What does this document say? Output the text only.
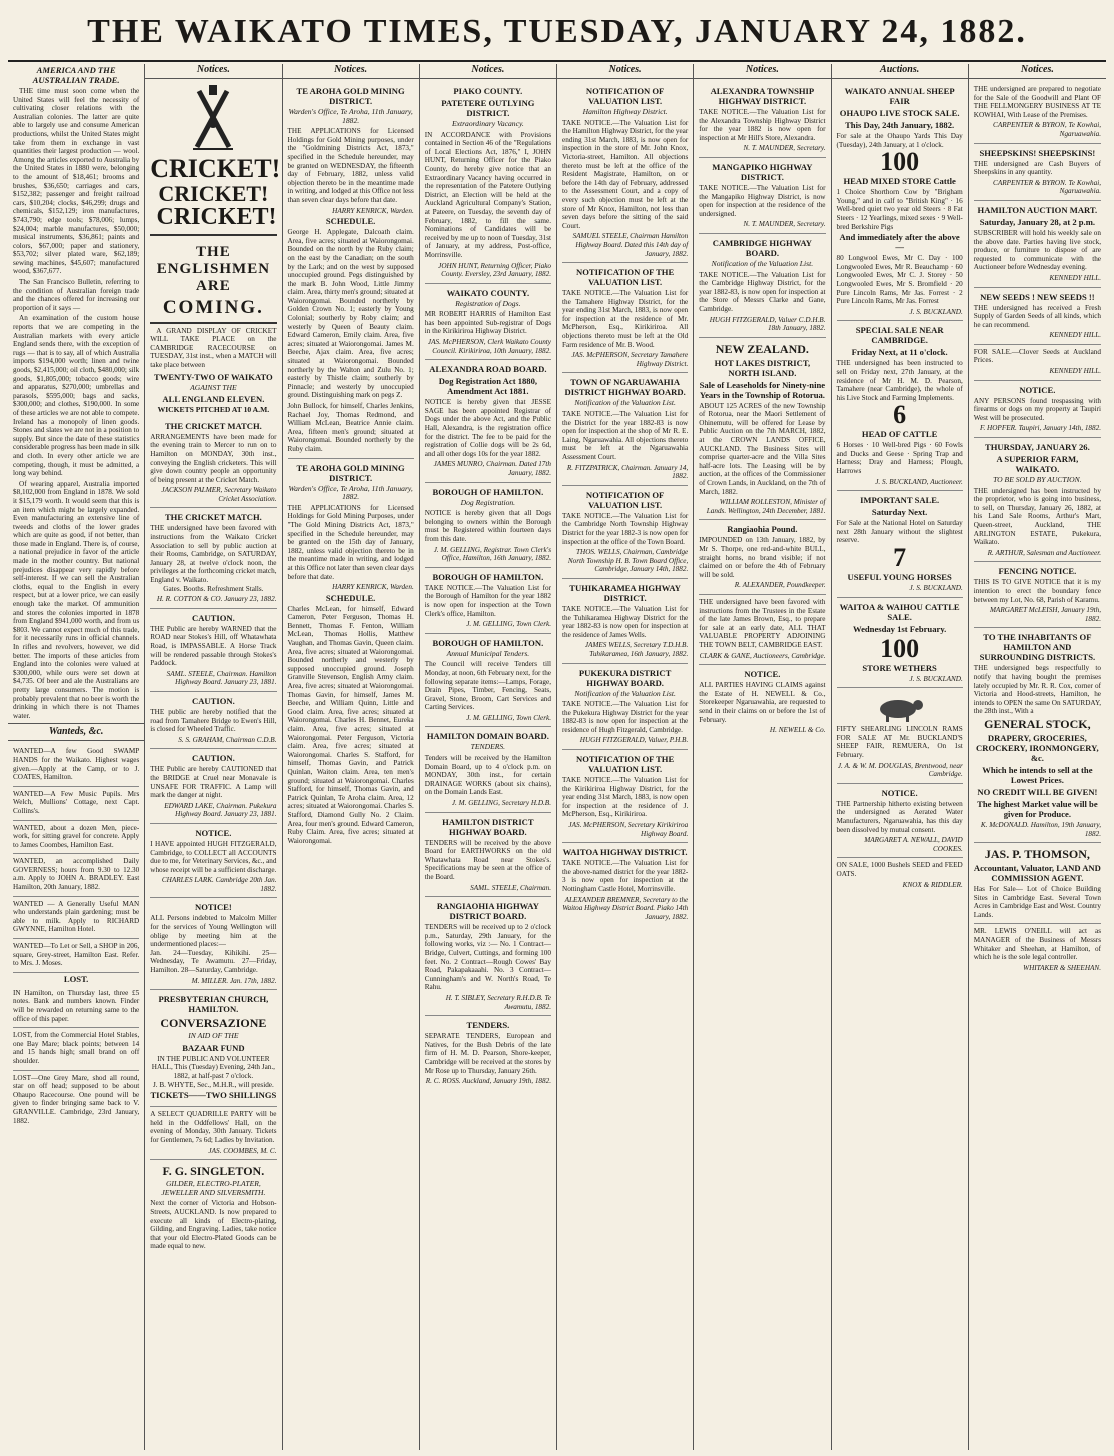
THE WAIKATO TIMES, TUESDAY, JANUARY 24, 1882.
AMERICA AND THE AUSTRALIAN TRADE.

THE time must soon come when the United States will feel the necessity of cultivating closer relations with the Australian colonies. The latter are quite able to largely use and consume American productions, whilst the United States might take from them in exchange in vast quantities their largest production — wool. Among the articles exported to Australia by the United States in 1880 were, belonging to the amount of $18,461; brooms and brushes, $36,650; carriages and cars, $152,382; passenger and freight railroad cars, $10,204; clocks, $46,299; drugs and chemicals, $152,129; iron manufactures, $743,790; edge tools; $78,006; lumps, $24,004; marble manufactures, $50,000; musical instruments, $36,861; paints and colors, $67,000; paper and stationery, $53,702; silver plated ware, $62,189; sewing machines, $45,607; manufactured wood, $367,677.

The San Francisco Bulletin, referring to the condition of Australian foreign trade and the chances offered for increasing our proportion of it says —

An examination of the custom house reports that we are competing in the Australian markets with every article England sends there, with the exception of rugs — that is to say, all of which Australia imports $194,000 worth; linen and twine goods, $2,415,000; oil cloth, $480,000; silk goods, $1,805,000; tobacco goods; wire and apparatus, $270,000; umbrellas and parasols, $595,000; bags and sacks, $300,000; and clothes, $190,000. In some of these articles we are not able to compete. Ireland has a monopoly of linen goods. Stones and slates we are not in a position to supply. But since the date of these statistics considerable progress has been made in silk and cloth. In every other article we are competing, though, it must be admitted, a long way behind.

Of wearing apparel, Australia imported $8,102,000 from England in 1878. We sold it $15,179 worth. It would seem that this is an item which might be largely expanded. Even manufacturing an extensive line of tweeds and cloths of the lower grades which are quite as good, if not better, than those made in England. There is, of course, a national prejudice in favor of the article made in the mother country. But national prejudices disappear very rapidly before self-interest. If we can sell the Australian cloths, equal to the English in every respect, but at a lower price, we can easily enough take the market. Of ammunition and stores the colonies imported in 1878 from England $941,000 worth, and from us $803. We cannot expect much of this trade, for it necessarily runs in official channels. In rifles and revolvers, however, we did better. The imports of these articles from England into the colonies were valued at $300,000, while ours were set down at $4,735. Of beer and ale the Australians are pretty large consumers. The motion is probably prevalent that no beer is worth the drinking in which there is not Thames water.

Wanteds, &c.
WANTED—A few Good SWAMP HANDS for the Waikato. Highest wages given.—Apply at the Camp, or to J. COATES, Hamilton.
WANTED—A Few Music Pupils. Mrs Welch, Mullions' Cottage, next Capt. Collins's.
WANTED, about a dozen Men, piece-work, for sitting gravel for concrete. Apply to James Coombes, Hamilton East.
WANTED, an accomplished Daily GOVERNESS; hours from 9.30 to 12.30 a.m. Apply to JOHN A. BRADLEY. East Hamilton, 20th January, 1882.
WANTED — A Generally Useful MAN who understands plain gardening; must be able to milk. Apply to RICHARD GWYNNE, Hamilton Hotel.
WANTED—To Let or Sell, a SHOP in 206, square, Grey-street, Hamilton East. Refer. to Mrs. J. Moses.
LOST.
IN Hamilton, on Thursday last, three £5 notes. Bank and numbers known. Finder will be rewarded on returning same to the office of this paper.
LOST, from the Commercial Hotel Stables, one Bay Mare; black points; between 14 and 15 hands high; small brand on off shoulder.
LOST—One Grey Mare, shod all round, star on off head; supposed to be about Ohaupo Racecourse. One pound will be given to finder bringing same back to V. GRANVILLE. Cambridge, 23rd January, 1882.
Notices.
CRICKET!
CRICKET!
CRICKET!
THE ENGLISHMEN ARE
COMING.

A GRAND DISPLAY OF CRICKET WILL TAKE PLACE on the CAMBRIDGE RACECOURSE on TUESDAY, 31st inst., when a MATCH will take place between

TWENTY-TWO OF WAIKATO
AGAINST THE
ALL ENGLAND ELEVEN.
WICKETS PITCHED AT 10 A.M.
THE CRICKET MATCH.
ARRANGEMENTS have been made for the evening train to Mercer to run on to Hamilton on MONDAY, 30th inst., conveying the English cricketers. This will give down country people an opportunity of being present at the Cricket Match.
JACKSON PALMER, Secretary Waikato Cricket Association.
THE CRICKET MATCH.
THE undersigned have been favored with instructions from the Waikato Cricket Association to sell by public auction at their Rooms, Cambridge, on SATURDAY, January 28, at twelve o'clock noon, the privileges at the forthcoming cricket match, England v. Waikato.
Gates. Booths. Refreshment Stalls.
H. R. COTTON & CO. January 23, 1882.
CAUTION.
THE Public are hereby WARNED that the ROAD near Stokes's Hill, off Whatawhata Road, is IMPASSABLE. A Horse Track will be rendered passable through Stokes's Paddock.
SAML. STEELE, Chairman. Hamilton Highway Board. January 23, 1881.
CAUTION.
THE public are hereby notified that the road from Tamahere Bridge to Ewen's Hill, is closed for Wheeled Traffic.
S. S. GRAHAM, Chairman C.D.B.
CAUTION.
THE Public are hereby CAUTIONED that the BRIDGE at Cruel near Monavale is UNSAFE FOR TRAFFIC. A Lamp will mark the danger at night.
EDWARD LAKE, Chairman. Pukekura Highway Board. January 23, 1881.
NOTICE.
I HAVE appointed HUGH FITZGERALD, Cambridge, to COLLECT all ACCOUNTS due to me, for Veterinary Services, &c., and whose receipt will be a sufficient discharge.
CHARLES LARK. Cambridge 20th Jan. 1882.
NOTICE!
ALL Persons indebted to Malcolm Miller for the services of Young Wellington will oblige by meeting him at the undermentioned places:—
Jan. 24—Tuesday, Kihikihi. 25—Wednesday, Te Awamutu. 27—Friday, Hamilton. 28—Saturday, Cambridge.
M. MILLER. Jan. 17th, 1882.
PRESBYTERIAN CHURCH, HAMILTON.
CONVERSAZIONE
IN AID OF THE
BAZAAR FUND
IN THE PUBLIC AND VOLUNTEER HALL, This (Tuesday) Evening, 24th Jan., 1882, at half-past 7 o'clock.
J. B. WHYTE, Sec., M.H.R., will preside.
TICKETS——TWO SHILLINGS
A SELECT QUADRILLE PARTY will be held in the Oddfellows' Hall, on the evening of Monday, 30th January. Tickets for Gentlemen, 7s 6d; Ladies by Invitation.
JAS. COOMBES, M. C.
F. G. SINGLETON.
GILDER, ELECTRO-PLATER, JEWELLER AND SILVERSMITH.
Next the corner of Victoria and Hobson-Streets, AUCKLAND. Is now prepared to execute all kinds of Electro-plating, Gilding, and Engraving. Ladies, take notice that your old Electro-Plated Goods can be made equal to new.
Notices.
TE AROHA GOLD MINING DISTRICT.
Warden's Office, Te Aroha, 11th January, 1882.
THE APPLICATIONS for Licensed Holdings for Gold Mining purposes, under the "Goldmining Districts Act, 1873," specified in the Schedule hereunder, may be granted on WEDNESDAY, the fifteenth day of February, 1882, unless valid objection thereto be in the meantime made in writing, and lodged at this Office not less than seven clear days before that date.
HARRY KENRICK, Warden.
SCHEDULE.
George H. Applegate, Dalcoath claim. Area, five acres; situated at Waiorongomai. Bounded on the north by the Ruby claim; on the east by the Canadian; on the south by the Lark; and on the west by supposed unoccupied ground. Pegs distinguished by the mark B. John Wood, Little Jimmy claim. Area, thirty men's ground; situated at Waiorongomai. Bounded northerly by Golden Crown No. 1; easterly by Young Colonial; southerly by Roby claim; and westerly by Queen of Beauty claim. Edward Cameron, Emily claim. Area, five acres; situated at Waiorongomai. James M. Beeche, Ajax claim. Area, five acres; situated at Waiorongomai. Bounded northerly by the Walton and Zulu No. 1; easterly by Thistle claim; southerly by Pinnacle; and westerly by unoccupied ground. Distinguishing mark on pegs Z.
John Bullock, for himself, Charles Jenkins, Rachael Joy, Thomas Redmond, and William McLean, Beatrice Annie claim. Area, fifteen men's ground; situated at Waiorongomai. Bounded northerly by the Ruby claim.
TE AROHA GOLD MINING DISTRICT.
Warden's Office, Te Aroha, 11th January, 1882.
THE APPLICATIONS for Licensed Holdings for Gold Mining Purposes, under "The Gold Mining Districts Act, 1873," specified in the Schedule hereunder, may be granted on the 15th day of January, 1882, unless valid objection thereto be in the meantime made in writing, and lodged at this Office not later than seven clear days before that date.
HARRY KENRICK, Warden.
SCHEDULE.
Charles McLean, for himself, Edward Cameron, Peter Ferguson, Thomas H. Bennett, Thomas F. Fenton, William McLean, Thomas Hollis, Matthew Vaughan, and Thomas Gavin, Queen claim. Area, five acres; situated at Waiorongomai. Bounded northerly and westerly by supposed unoccupied ground. Joseph Granville Stevenson, English Army claim. Area, five acres; situated at Waiorongomai. Thomas Gavin, for himself, James M. Beeche, and William Quinn, Little and Good claim. Area, five acres; situated at Waiorongomai. Charles H. Bennet, Eureka claim. Area, five acres; situated at Waiorongomai. Peter Ferguson, Victoria claim. Area, five acres; situated at Waiorongomai. Charles S. Stafford, for himself, Thomas Gavin, and Patrick Quinlan, Waiton claim. Area, ten men's ground; situated at Waiorongomai. Charles Stafford, for himself, Thomas Gavin, and Patrick Quinlan, Te Aroha claim. Area, 12 acres; situated at Waiorongomai. Charles S. Stafford, Diamond Gully No. 2 Claim. Area, four men's ground. Edward Cameron, Ruby Claim. Area, five acres; situated at Waiorongomai.
Notices.
PIAKO COUNTY.
PATETERE OUTLYING DISTRICT.
Extraordinary Vacancy.
IN ACCORDANCE with Provisions contained in Section 46 of the "Regulations of Local Elections Act, 1876," I, JOHN HUNT, Returning Officer for the Piako County, do hereby give notice that an Extraordinary Vacancy having occurred in the representation of the Patetere Outlying District, an Election will be held at the Auckland Agricultural Company's Station, at Pateere, on Tuesday, the seventh day of February, 1882, to fill the same. Nominations of Candidates will be received by me up to noon of Tuesday, 31st of January, at my address, Post-office, Morrinsville.
JOHN HUNT, Returning Officer, Piako County. Eversley, 23rd January, 1882.
WAIKATO COUNTY.
Registration of Dogs.
MR ROBERT HARRIS of Hamilton East has been appointed Sub-registrar of Dogs in the Kirikiriroa Highway District.
JAS. McPHERSON, Clerk Waikato County Council. Kirikiriroa, 10th January, 1882.
ALEXANDRA ROAD BOARD.
Dog Registration Act 1880, Amendment Act 1881.
NOTICE is hereby given that JESSE SAGE has been appointed Registrar of Dogs under the above Act, and the Public Hall, Alexandra, is the registration office for the district. The fee to be paid for the registration of Collie dogs will be 2s 6d, and all other dogs 10s for the year 1882.
JAMES MUNRO, Chairman. Dated 17th January, 1882.
BOROUGH OF HAMILTON.
Dog Registration.
NOTICE is hereby given that all Dogs belonging to owners within the Borough must be Registered within fourteen days from this date.
J. M. GELLING, Registrar. Town Clerk's Office, Hamilton, 16th January, 1882.
BOROUGH OF HAMILTON.
TAKE NOTICE.—The Valuation List for the Borough of Hamilton for the year 1882 is now open for inspection at the Town Clerk's office, Hamilton.
J. M. GELLING, Town Clerk.
BOROUGH OF HAMILTON.
Annual Municipal Tenders.
The Council will receive Tenders till Monday, at noon, 6th February next, for the following separate items:—Lamps, Forage, Drain Pipes, Timber, Fencing, Seats, Gravel, Stone, Broom, Cart Services and Carting Services.
J. M. GELLING, Town Clerk.
HAMILTON DOMAIN BOARD.
TENDERS.
Tenders will be received by the Hamilton Domain Board, up to 4 o'clock p.m. on MONDAY, 30th inst., for certain DRAINAGE WORKS (about six chains), on the Domain Lands East.
J. M. GELLING, Secretary H.D.B.
HAMILTON DISTRICT HIGHWAY BOARD.
TENDERS will be received by the above Board for EARTHWORKS on the old Whatawhata Road near Stokes's. Specifications may be seen at the office of the Board.
SAML. STEELE, Chairman.
RANGIAOHIA HIGHWAY DISTRICT BOARD.
TENDERS will be received up to 2 o'clock p.m., Saturday, 29th January, for the following works, viz :— No. 1 Contract—Bridge, Culvert, Cuttings, and forming 100 feet. No. 2 Contract—Rough Cowes' Bay Road, Pakapakaaahi. No. 3 Contract—Cunningham's and W. North's Road, Te Rahu.
H. T. SIBLEY, Secretary R.H.D.B. Te Awamutu, 1882.
TENDERS.
SEPARATE TENDERS, European and Natives, for the Bush Debris of the late firm of H. M. D. Pearson, Shore-keeper, Cambridge will be received at the stores by Mr Rose up to Thursday, January 26th.
R. C. ROSS. Auckland, January 19th, 1882.
Notices.
NOTIFICATION OF VALUATION LIST.
Hamilton Highway District.
TAKE NOTICE.—The Valuation List for the Hamilton Highway District, for the year ending 31st March, 1883, is now open for inspection in the store of Mr. John Knox, Victoria-street, Hamilton. All objections thereto must be left at the office of the Resident Magistrate, Hamilton, on or before the 14th day of February, addressed to the Assessment Court, and a copy of every such objection must be left at the store of Mr Knox, Hamilton, not less than seven days before the sitting of the said Court.
SAMUEL STEELE, Chairman Hamilton Highway Board. Dated this 14th day of January, 1882.
NOTIFICATION OF THE VALUATION LIST.
TAKE NOTICE.—The Valuation List for the Tamahere Highway District, for the year ending 31st March, 1883, is now open for inspection at the residence of Mr. McPherson, Esq., Kirikiriroa. All objections thereto must be left at the Old Farm residence of Mr. B. Wood.
JAS. McPHERSON, Secretary Tamahere Highway District.
TOWN OF NGARUAWAHIA DISTRICT HIGHWAY BOARD.
Notification of the Valuation List.
TAKE NOTICE.—The Valuation List for the District for the year 1882-83 is now open for inspection at the shop of Mr R. E. Laing, Ngaruawahia. All objections thereto must be left at the Ngaruawahia Assessment Court.
R. FITZPATRICK, Chairman. January 14, 1882.
NOTIFICATION OF VALUATION LIST.
TAKE NOTICE.—The Valuation List for the Cambridge North Township Highway District for the year 1882-3 is now open for inspection at the office of the Town Board.
THOS. WELLS, Chairman, Cambridge North Township H. B. Town Board Office, Cambridge, January 14th, 1882.
TUHIKARAMEA HIGHWAY DISTRICT.
TAKE NOTICE.—The Valuation List for the Tuhikaramea Highway District for the year 1882-83 is now open for inspection at the residence of James Wells.
JAMES WELLS, Secretary T.D.H.B. Tuhikaramea, 16th January, 1882.
PUKEKURA DISTRICT HIGHWAY BOARD.
Notification of the Valuation List.
TAKE NOTICE.—The Valuation List for the Pukekura Highway District for the year 1882-83 is now open for inspection at the residence of Hugh Fitzgerald, Cambridge.
HUGH FITZGERALD, Valuer, P.H.B.
NOTIFICATION OF THE VALUATION LIST.
TAKE NOTICE.—The Valuation List for the Kirikiriroa Highway District, for the year ending 31st March, 1883, is now open for inspection at the residence of J. McPherson, Esq., Kirikiriroa.
JAS. McPHERSON, Secretary Kirikiriroa Highway Board.
WAITOA HIGHWAY DISTRICT.
TAKE NOTICE.—The Valuation List for the above-named district for the year 1882-3 is now open for inspection at the Nottingham Castle Hotel, Morrinsville.
ALEXANDER BREMNER, Secretary to the Waitoa Highway District Board. Piako 14th January, 1882.
Notices.
ALEXANDRA TOWNSHIP HIGHWAY DISTRICT.
TAKE NOTICE.—The Valuation List for the Alexandra Township Highway District for the year 1882 is now open for inspection at Mr Hill's Store, Alexandra.
N. T. MAUNDER, Secretary.
MANGAPIKO HIGHWAY DISTRICT.
TAKE NOTICE.—The Valuation List for the Mangapiko Highway District, is now open for inspection at the residence of the undersigned.
N. T. MAUNDER, Secretary.
CAMBRIDGE HIGHWAY BOARD.
Notification of the Valuation List.
TAKE NOTICE.—The Valuation List for the Cambridge Highway District, for the year 1882-83, is now open for inspection at the Store of Messrs Clarke and Gane, Cambridge.
HUGH FITZGERALD, Valuer C.D.H.B. 18th January, 1882.
NEW ZEALAND.
HOT LAKES DISTRICT, NORTH ISLAND.
Sale of Leaseholds for Ninety-nine Years in the Township of Rotorua.
ABOUT 125 ACRES of the new Township of Rotorua, near the Maori Settlement of Ohinemutu, will be offered for Lease by Public Auction on the 7th MARCH, 1882, at the CROWN LANDS OFFICE, AUCKLAND. The Business Sites will comprise quarter-acre and the Villa Sites half-acre lots. The Leasing will be by auction, at the offices of the Commissioner of Crown Lands, in Auckland, on the 7th of March, 1882.
WILLIAM ROLLESTON, Minister of Lands. Wellington, 24th December, 1881.
Rangiaohia Pound.
IMPOUNDED on 13th January, 1882, by Mr S. Thorpe, one red-and-white BULL, straight horns, no brand visible; if not claimed on or before the 4th of February will be sold.
R. ALEXANDER, Poundkeeper.
THE undersigned have been favored with instructions from the Trustees in the Estate of the late James Brown, Esq., to prepare for sale at an early date, ALL THAT VALUABLE PROPERTY ADJOINING THE TOWN BELT, CAMBRIDGE EAST.
CLARK & GANE, Auctioneers, Cambridge.
NOTICE.
ALL PARTIES HAVING CLAIMS against the Estate of H. NEWELL & Co., Storekeeper Ngaruawahia, are requested to send in their claims on or before the 1st of February.
H. NEWELL & Co.
Auctions.
WAIKATO ANNUAL SHEEP FAIR
OHAUPO LIVE STOCK SALE.
This Day, 24th January, 1882.
For sale at the Ohaupo Yards This Day (Tuesday), 24th January, at 1 o'clock.
100
HEAD MIXED STORE Cattle
1 Choice Shorthorn Cow by "Brigham Young," and in calf to "British King" · 16 Well-bred quiet two year old Steers · 8 Fat Steers · 12 Yearlings, mixed sexes · 9 Well-bred Berkshire Pigs
And immediately after the above—
80 Longwool Ewes, Mr C. Day · 100 Longwooled Ewes, Mr R. Beauchamp · 60 Longwooled Ewes, Mr C. J. Storey · 50 Longwooled Ewes, Mr S. Bromfield · 20 Pure Lincoln Rams, Mr Jas. Forrest · 2 Pure Lincoln Rams, Mr Jas. Forrest
J. S. BUCKLAND.
SPECIAL SALE NEAR CAMBRIDGE.
Friday Next, at 11 o'clock.
THE undersigned has been instructed to sell on Friday next, 27th January, at the residence of Mr H. M. D. Pearson, Tamahere (near Cambridge), the whole of his Live Stock and Farming Implements.
6
HEAD OF CATTLE
6 Horses · 10 Well-bred Pigs · 60 Fowls and Ducks and Geese · Spring Trap and Harness; Dray and Harness; Plough, Harrows
J. S. BUCKLAND, Auctioneer.
IMPORTANT SALE.
Saturday Next.
For Sale at the National Hotel on Saturday next 28th January without the slightest reserve.
7
USEFUL YOUNG HORSES
J. S. BUCKLAND.
WAITOA & WAIHOU CATTLE SALE.
Wednesday 1st February.
100
STORE WETHERS
J. S. BUCKLAND.
FIFTY SHEARLING LINCOLN RAMS FOR SALE AT Mr. BUCKLAND'S SHEEP FAIR, REMUERA, On 1st February.
J. A. & W. M. DOUGLAS, Brentwood, near Cambridge.
NOTICE.
THE Partnership hitherto existing between the undersigned as Aerated Water Manufacturers, Ngaruawahia, has this day been dissolved by mutual consent.
MARGARET A. NEWALL, DAVID COOKES.
ON SALE, 1000 Bushels SEED and FEED OATS.
KNOX & RIDDLER.
Notices.
THE undersigned are prepared to negotiate for the Sale of the Goodwill and Plant OF THE FELLMONGERY BUSINESS AT TE KOWHAI, With Lease of the Premises.
CARPENTER & BYRON, Te Kowhai, Ngaruawahia.
SHEEPSKINS! SHEEPSKINS!
THE undersigned are Cash Buyers of Sheepskins in any quantity.
CARPENTER & BYRON. Te Kowhai, Ngaruawahia.
HAMILTON AUCTION MART.
Saturday, January 28, at 2 p.m.
SUBSCRIBER will hold his weekly sale on the above date. Parties having live stock, produce, or furniture to dispose of are requested to communicate with the Auctioneer before Wednesday evening.
KENNEDY HILL.
NEW SEEDS ! NEW SEEDS !!
THE undersigned has received a Fresh Supply of Garden Seeds of all kinds, which he can recommend.
KENNEDY HILL.
FOR SALE.—Clover Seeds at Auckland Prices.
KENNEDY HILL.
NOTICE.
ANY PERSONS found trespassing with firearms or dogs on my property at Taupiri West will be prosecuted.
F. HOPFER. Taupiri, January 14th, 1882.
THURSDAY, JANUARY 26.
A SUPERIOR FARM, WAIKATO.
TO BE SOLD BY AUCTION.
THE undersigned has been instructed by the proprietor, who is going into business, to sell, on Thursday, January 26, 1882, at his Land Sale Rooms, Arthur's Mart, Queen-street, Auckland, THE ARLINGTON ESTATE, Pukekura, Waikato.
R. ARTHUR, Salesman and Auctioneer.
FENCING NOTICE.
THIS IS TO GIVE NOTICE that it is my intention to erect the boundary fence between my Lot, No. 68, Parish of Karamu.
MARGARET McLEISH, January 19th, 1882.
TO THE INHABITANTS OF HAMILTON AND SURROUNDING DISTRICTS.
THE undersigned begs respectfully to notify that having bought the premises lately occupied by Mr. R. R. Cox, corner of Victoria and Hood-streets, Hamilton, he intends to OPEN the same On SATURDAY, the 28th inst., With a
GENERAL STOCK,
DRAPERY, GROCERIES, CROCKERY, IRONMONGERY, &c.
Which he intends to sell at the Lowest Prices.
NO CREDIT WILL BE GIVEN!
The highest Market value will be given for Produce.
K. McDONALD. Hamilton, 19th January, 1882.
JAS. P. THOMSON,
Accountant, Valuator, LAND AND COMMISSION AGENT.
Has For Sale— Lot of Choice Building Sites in Cambridge East. Several Town Acres in Cambridge East and West. Country Lands.
MR. LEWIS O'NEILL will act as MANAGER of the Business of Messrs Whitaker and Sheehan, at Hamilton, of which he is the sole legal controller.
WHITAKER & SHEEHAN.
